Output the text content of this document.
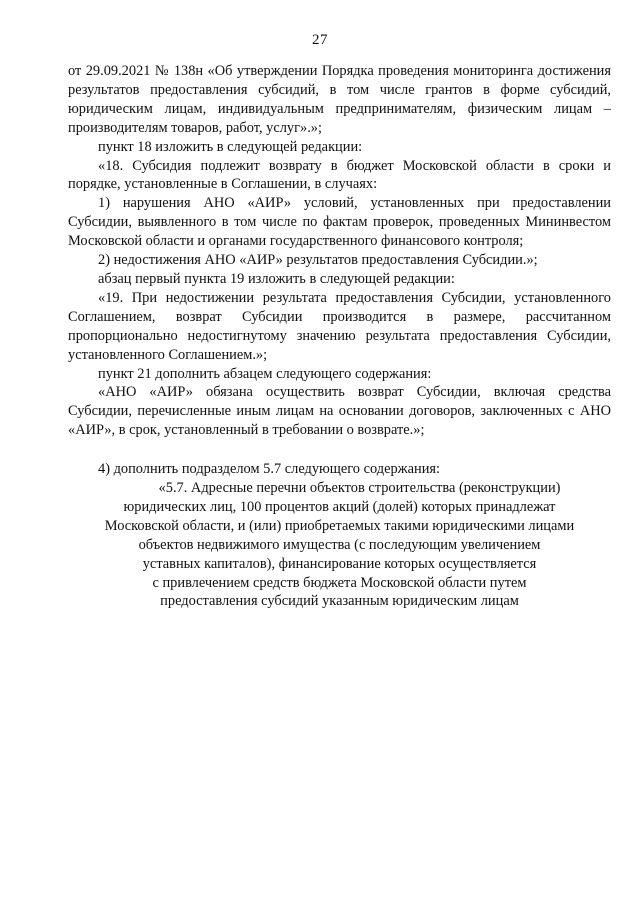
27

от 29.09.2021 № 138н «Об утверждении Порядка проведения мониторинга достижения результатов предоставления субсидий, в том числе грантов в форме субсидий, юридическим лицам, индивидуальным предпринимателям, физическим лицам – производителям товаров, работ, услуг».»;

пункт 18 изложить в следующей редакции:

«18. Субсидия подлежит возврату в бюджет Московской области в сроки и порядке, установленные в Соглашении, в случаях:

1) нарушения АНО «АИР» условий, установленных при предоставлении Субсидии, выявленного в том числе по фактам проверок, проведенных Мининвестом Московской области и органами государственного финансового контроля;

2) недостижения АНО «АИР» результатов предоставления Субсидии.»;

абзац первый пункта 19 изложить в следующей редакции:

«19. При недостижении результата предоставления Субсидии, установленного Соглашением, возврат Субсидии производится в размере, рассчитанном пропорционально недостигнутому значению результата предоставления Субсидии, установленного Соглашением.»;

пункт 21 дополнить абзацем следующего содержания:

«АНО «АИР» обязана осуществить возврат Субсидии, включая средства Субсидии, перечисленные иным лицам на основании договоров, заключенных с АНО «АИР», в срок, установленный в требовании о возврате.»;

4) дополнить подразделом 5.7 следующего содержания:

«5.7. Адресные перечни объектов строительства (реконструкции)

юридических лиц, 100 процентов акций (долей) которых принадлежат

Московской области, и (или) приобретаемых такими юридическими лицами

объектов недвижимого имущества (с последующим увеличением

уставных капиталов), финансирование которых осуществляется

с привлечением средств бюджета Московской области путем

предоставления субсидий указанным юридическим лицам
